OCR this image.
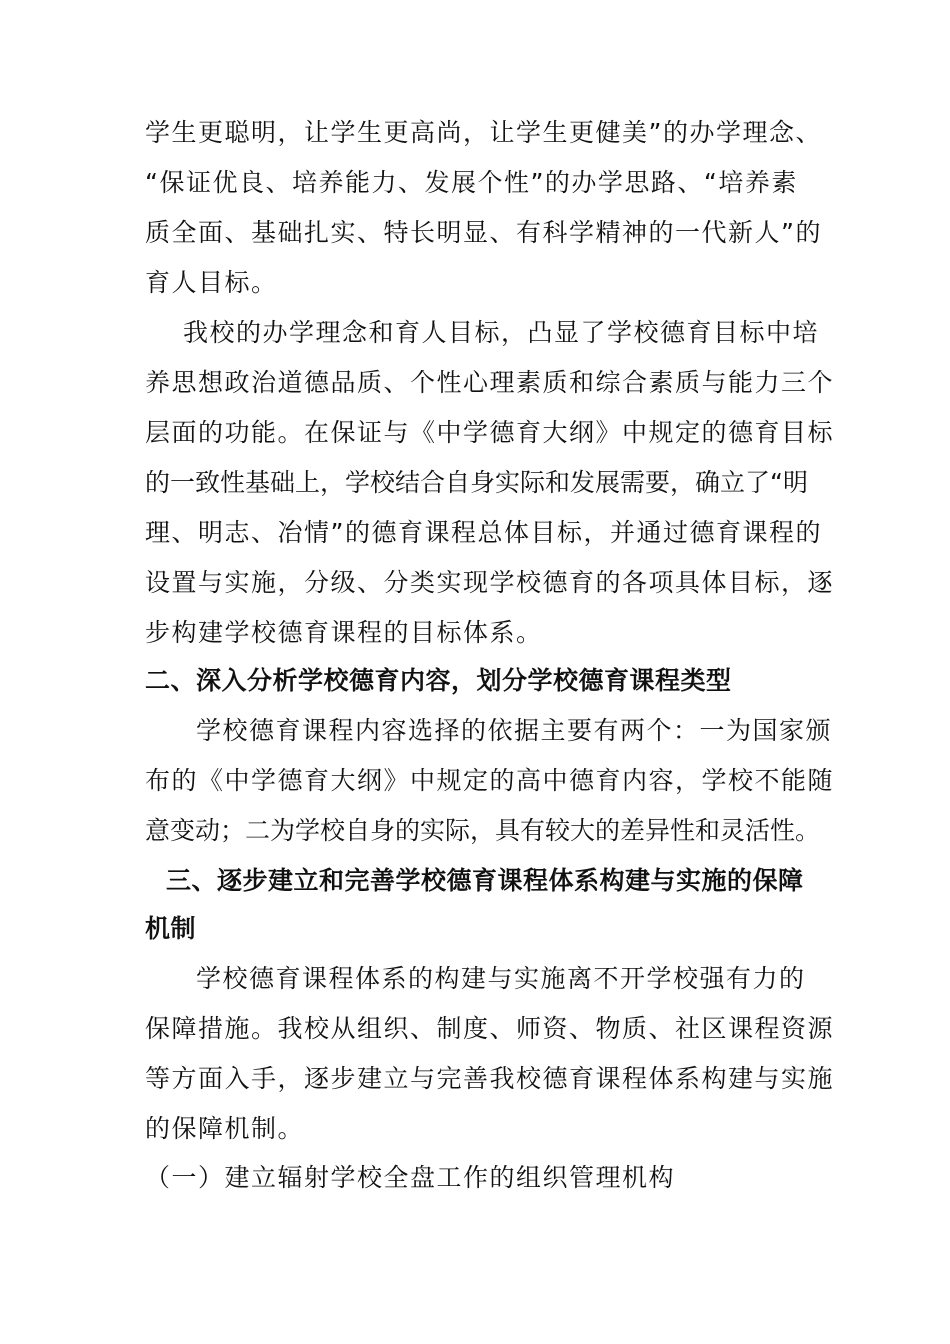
学生更聪明，让学生更高尚，让学生更健美”的办学理念、
“保证优良、培养能力、发展个性”的办学思路、“培养素
质全面、基础扎实、特长明显、有科学精神的一代新人”的
育人目标。
我校的办学理念和育人目标，凸显了学校德育目标中培
养思想政治道德品质、个性心理素质和综合素质与能力三个
层面的功能。在保证与《中学德育大纲》中规定的德育目标
的一致性基础上，学校结合自身实际和发展需要，确立了“明
理、明志、冶情”的德育课程总体目标，并通过德育课程的
设置与实施，分级、分类实现学校德育的各项具体目标，逐
步构建学校德育课程的目标体系。
二、深入分析学校德育内容，划分学校德育课程类型
学校德育课程内容选择的依据主要有两个：一为国家颁
布的《中学德育大纲》中规定的高中德育内容，学校不能随
意变动；二为学校自身的实际，具有较大的差异性和灵活性。
三、逐步建立和完善学校德育课程体系构建与实施的保障
机制
学校德育课程体系的构建与实施离不开学校强有力的
保障措施。我校从组织、制度、师资、物质、社区课程资源
等方面入手，逐步建立与完善我校德育课程体系构建与实施
的保障机制。
（一）建立辐射学校全盘工作的组织管理机构
